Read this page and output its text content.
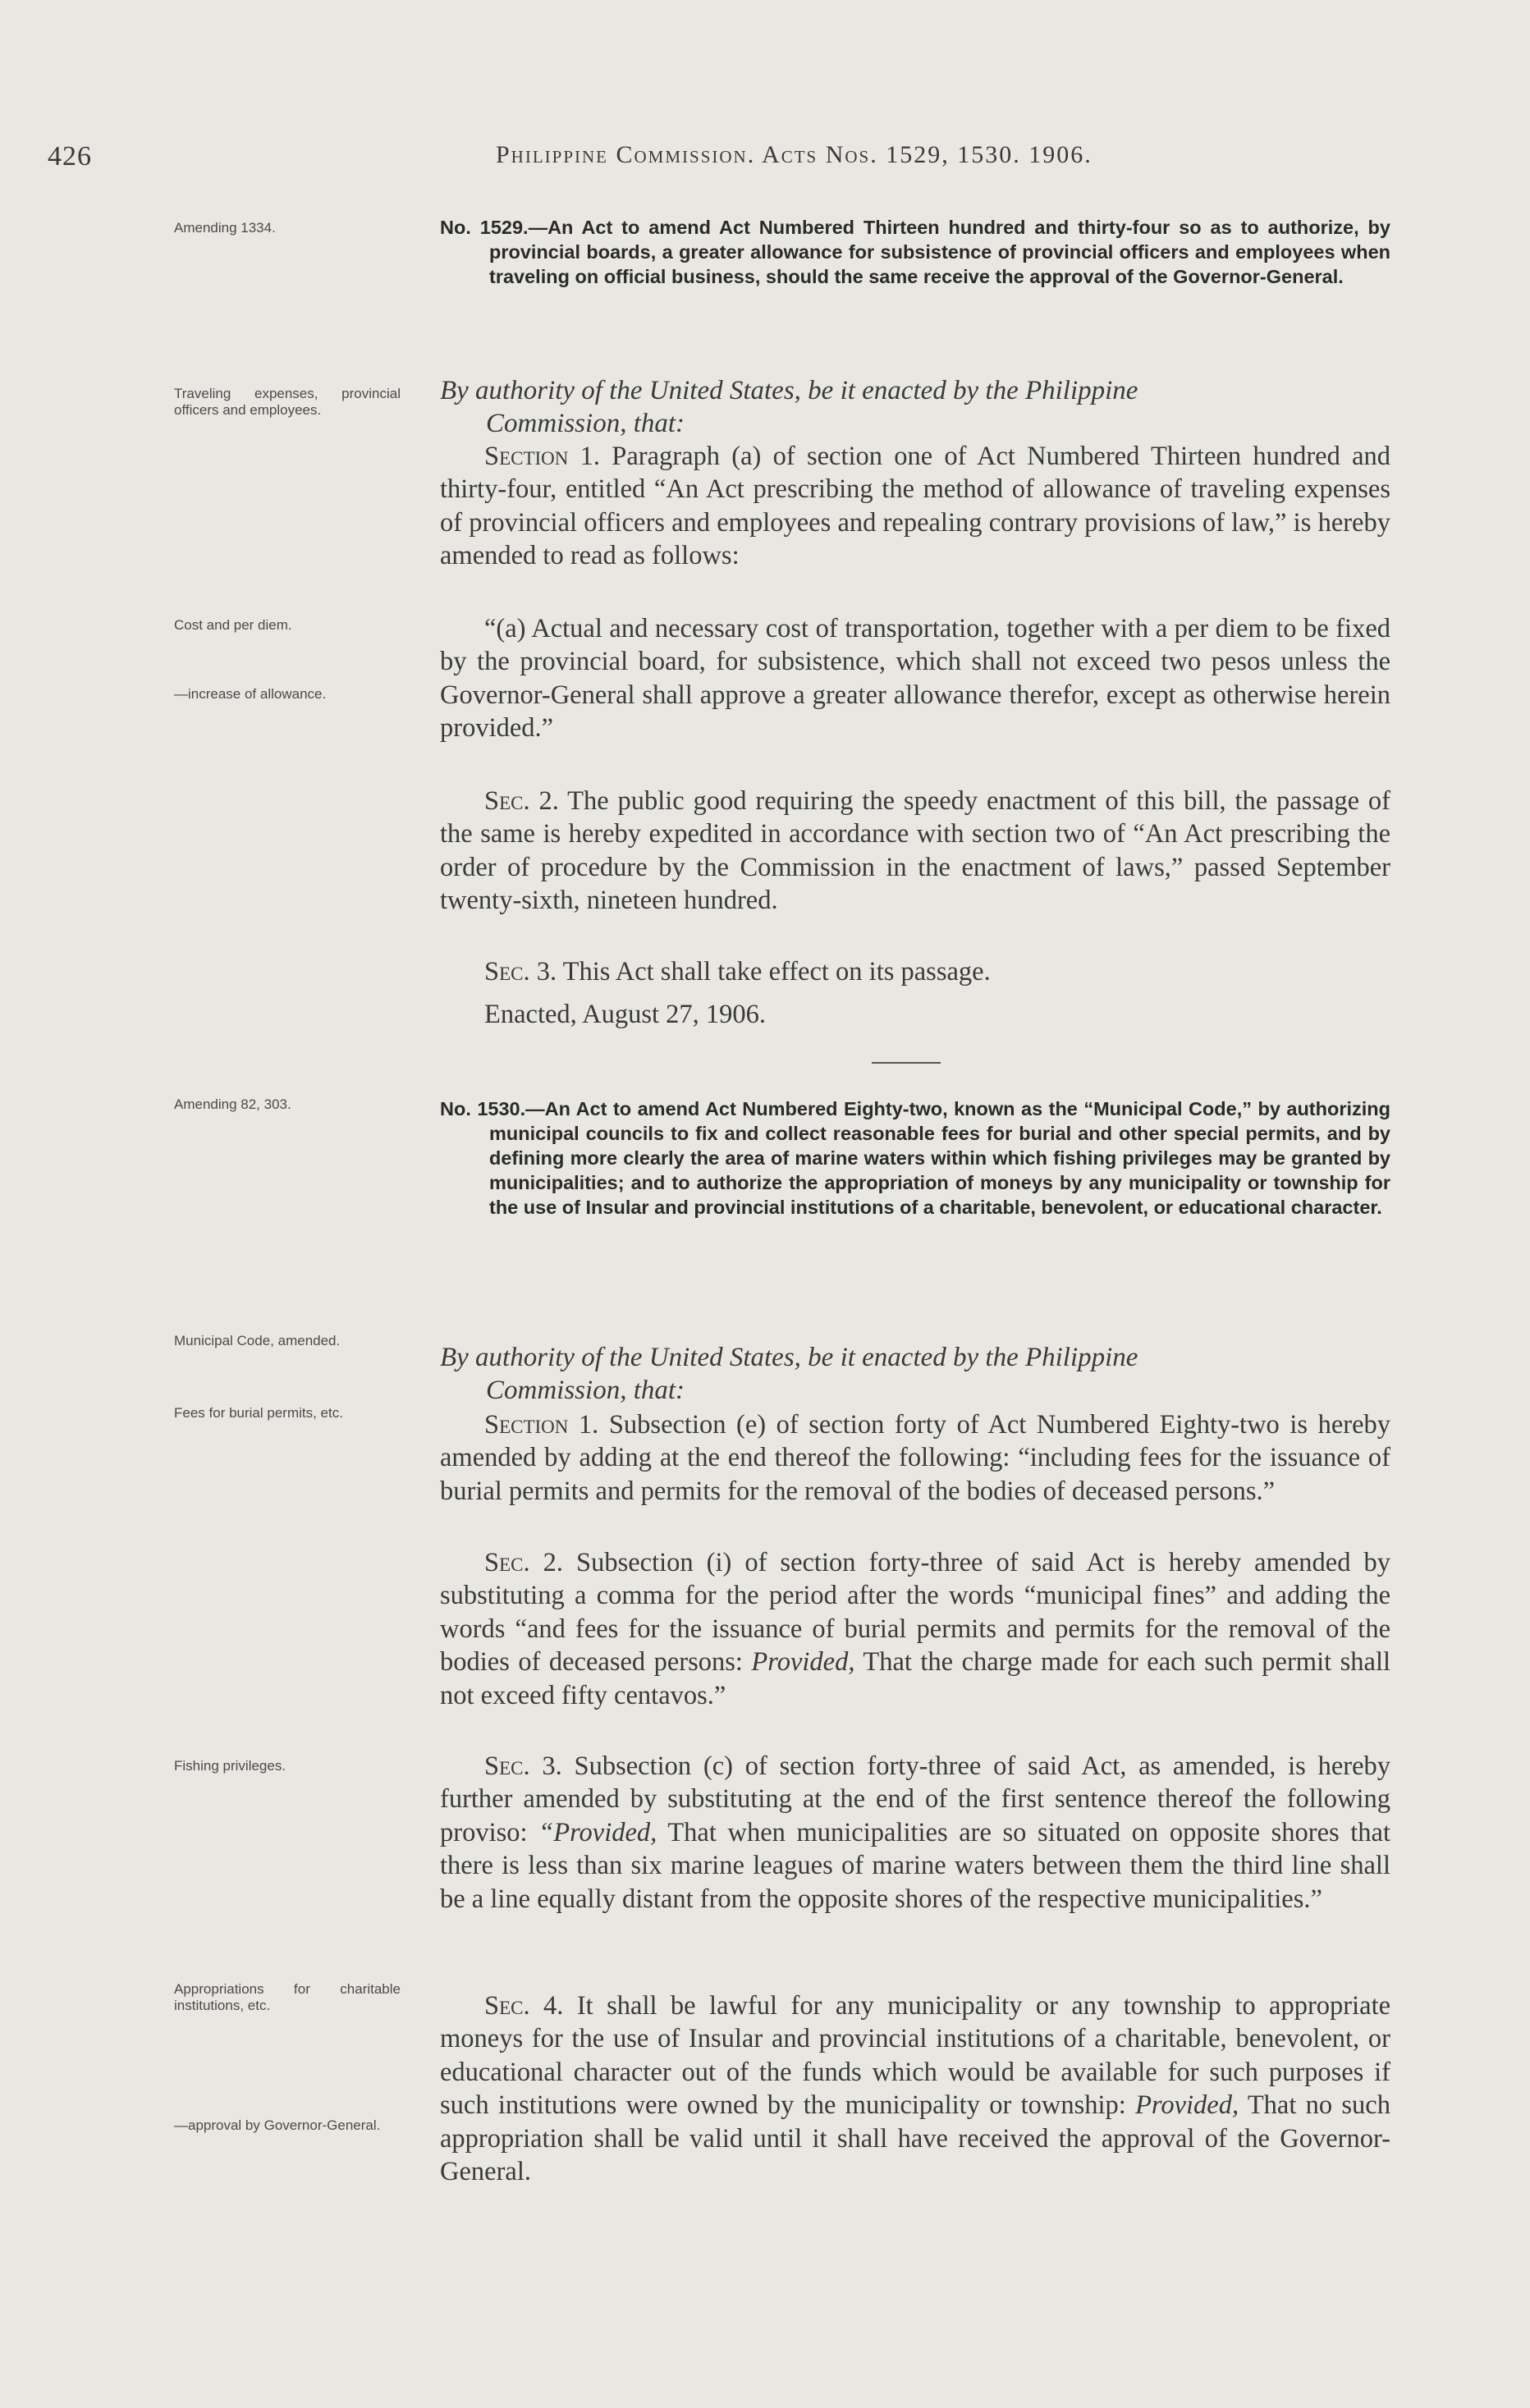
426	Philippine Commission. Acts Nos. 1529, 1530. 1906.
Amending 1334.
Traveling expenses, provincial officers and employees.
Cost and per diem.
—increase of allowance.
No. 1529.—An Act to amend Act Numbered Thirteen hundred and thirty-four so as to authorize, by provincial boards, a greater allowance for subsistence of provincial officers and employees when traveling on official business, should the same receive the approval of the Governor-General.
By authority of the United States, be it enacted by the Philippine
Commission, that:
Section 1. Paragraph (a) of section one of Act Numbered Thirteen hundred and thirty-four, entitled “An Act prescribing the method of allowance of traveling expenses of provincial officers and employees and repealing contrary provisions of law,” is hereby amended to read as follows:
“(a) Actual and necessary cost of transportation, together with a per diem to be fixed by the provincial board, for subsistence, which shall not exceed two pesos unless the Governor-General shall approve a greater allowance therefor, except as otherwise herein provided.”
Sec. 2. The public good requiring the speedy enactment of this bill, the passage of the same is hereby expedited in accordance with section two of “An Act prescribing the order of procedure by the Commission in the enactment of laws,” passed September twenty-sixth, nineteen hundred.
Sec. 3. This Act shall take effect on its passage.
Enacted, August 27, 1906.
Amending 82, 303.
Municipal Code, amended.
Fees for burial permits, etc.
Fishing privileges.
Appropriations for charitable institutions, etc.
—approval by Governor-General.
No. 1530.—An Act to amend Act Numbered Eighty-two, known as the “Municipal Code,” by authorizing municipal councils to fix and collect reasonable fees for burial and other special permits, and by defining more clearly the area of marine waters within which fishing privileges may be granted by municipalities; and to authorize the appropriation of moneys by any municipality or township for the use of Insular and provincial institutions of a charitable, benevolent, or educational character.
By authority of the United States, be it enacted by the Philippine
Commission, that:
Section 1. Subsection (e) of section forty of Act Numbered Eighty-two is hereby amended by adding at the end thereof the following: “including fees for the issuance of burial permits and permits for the removal of the bodies of deceased persons.”
Sec. 2. Subsection (i) of section forty-three of said Act is hereby amended by substituting a comma for the period after the words “municipal fines” and adding the words “and fees for the issuance of burial permits and permits for the removal of the bodies of deceased persons: Provided, That the charge made for each such permit shall not exceed fifty centavos.”
Sec. 3. Subsection (c) of section forty-three of said Act, as amended, is hereby further amended by substituting at the end of the first sentence thereof the following proviso: “Provided, That when municipalities are so situated on opposite shores that there is less than six marine leagues of marine waters between them the third line shall be a line equally distant from the opposite shores of the respective municipalities.”
Sec. 4. It shall be lawful for any municipality or any township to appropriate moneys for the use of Insular and provincial institutions of a charitable, benevolent, or educational character out of the funds which would be available for such purposes if such institutions were owned by the municipality or township: Provided, That no such appropriation shall be valid until it shall have received the approval of the Governor-General.
